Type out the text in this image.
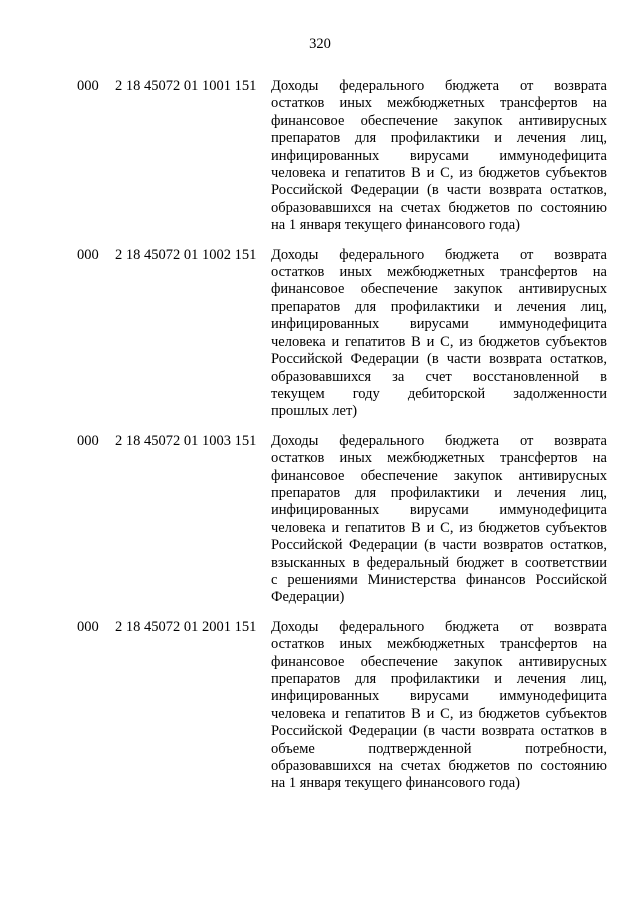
320
000 2 18 45072 01 1001 151 Доходы федерального бюджета от возврата
остатков иных межбюджетных трансфертов на
финансовое обеспечение закупок антивирусных
препаратов для профилактики и лечения лиц,
инфицированных вирусами иммунодефицита
человека и гепатитов B и C, из бюджетов субъектов
Российской Федерации (в части возврата остатков,
образовавшихся на счетах бюджетов по состоянию
на 1 января текущего финансового года)
000 2 18 45072 01 1002 151 Доходы федерального бюджета от возврата
остатков иных межбюджетных трансфертов на
финансовое обеспечение закупок антивирусных
препаратов для профилактики и лечения лиц,
инфицированных вирусами иммунодефицита
человека и гепатитов B и C, из бюджетов субъектов
Российской Федерации (в части возврата остатков,
образовавшихся за счет восстановленной в
текущем году дебиторской задолженности
прошлых лет)
000 2 18 45072 01 1003 151 Доходы федерального бюджета от возврата
остатков иных межбюджетных трансфертов на
финансовое обеспечение закупок антивирусных
препаратов для профилактики и лечения лиц,
инфицированных вирусами иммунодефицита
человека и гепатитов B и C, из бюджетов субъектов
Российской Федерации (в части возвратов остатков,
взысканных в федеральный бюджет в соответствии
с решениями Министерства финансов Российской
Федерации)
000 2 18 45072 01 2001 151 Доходы федерального бюджета от возврата
остатков иных межбюджетных трансфертов на
финансовое обеспечение закупок антивирусных
препаратов для профилактики и лечения лиц,
инфицированных вирусами иммунодефицита
человека и гепатитов B и C, из бюджетов субъектов
Российской Федерации (в части возврата остатков в
объеме подтвержденной потребности,
образовавшихся на счетах бюджетов по состоянию
на 1 января текущего финансового года)
